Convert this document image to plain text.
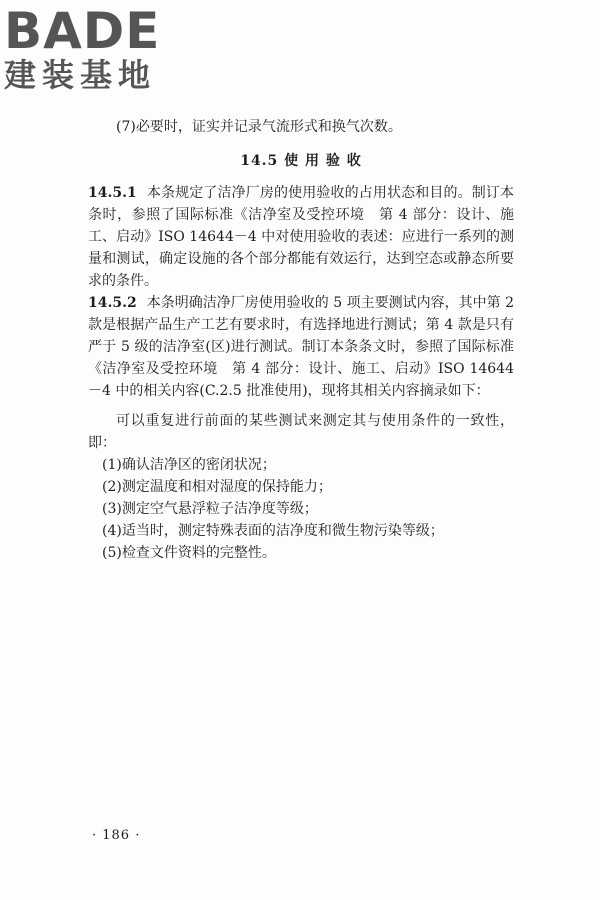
BADE
建装基地

(7)必要时，证实并记录气流形式和换气次数。

14.5 使 用 验 收

14.5.1 本条规定了洁净厂房的使用验收的占用状态和目的。制订本条时，参照了国际标准《洁净室及受控环境　第 4 部分：设计、施工、启动》ISO 14644－4 中对使用验收的表述：应进行一系列的测量和测试，确定设施的各个部分都能有效运行，达到空态或静态所要求的条件。

14.5.2 本条明确洁净厂房使用验收的 5 项主要测试内容，其中第 2 款是根据产品生产工艺有要求时，有选择地进行测试；第 4 款是只有严于 5 级的洁净室(区)进行测试。制订本条条文时，参照了国际标准《洁净室及受控环境　第 4 部分：设计、施工、启动》ISO 14644－4 中的相关内容(C.2.5 批准使用)，现将其相关内容摘录如下：

可以重复进行前面的某些测试来测定其与使用条件的一致性，即：

(1)确认洁净区的密闭状况；

(2)测定温度和相对湿度的保持能力；

(3)测定空气悬浮粒子洁净度等级；

(4)适当时，测定特殊表面的洁净度和微生物污染等级；

(5)检查文件资料的完整性。

· 186 ·
